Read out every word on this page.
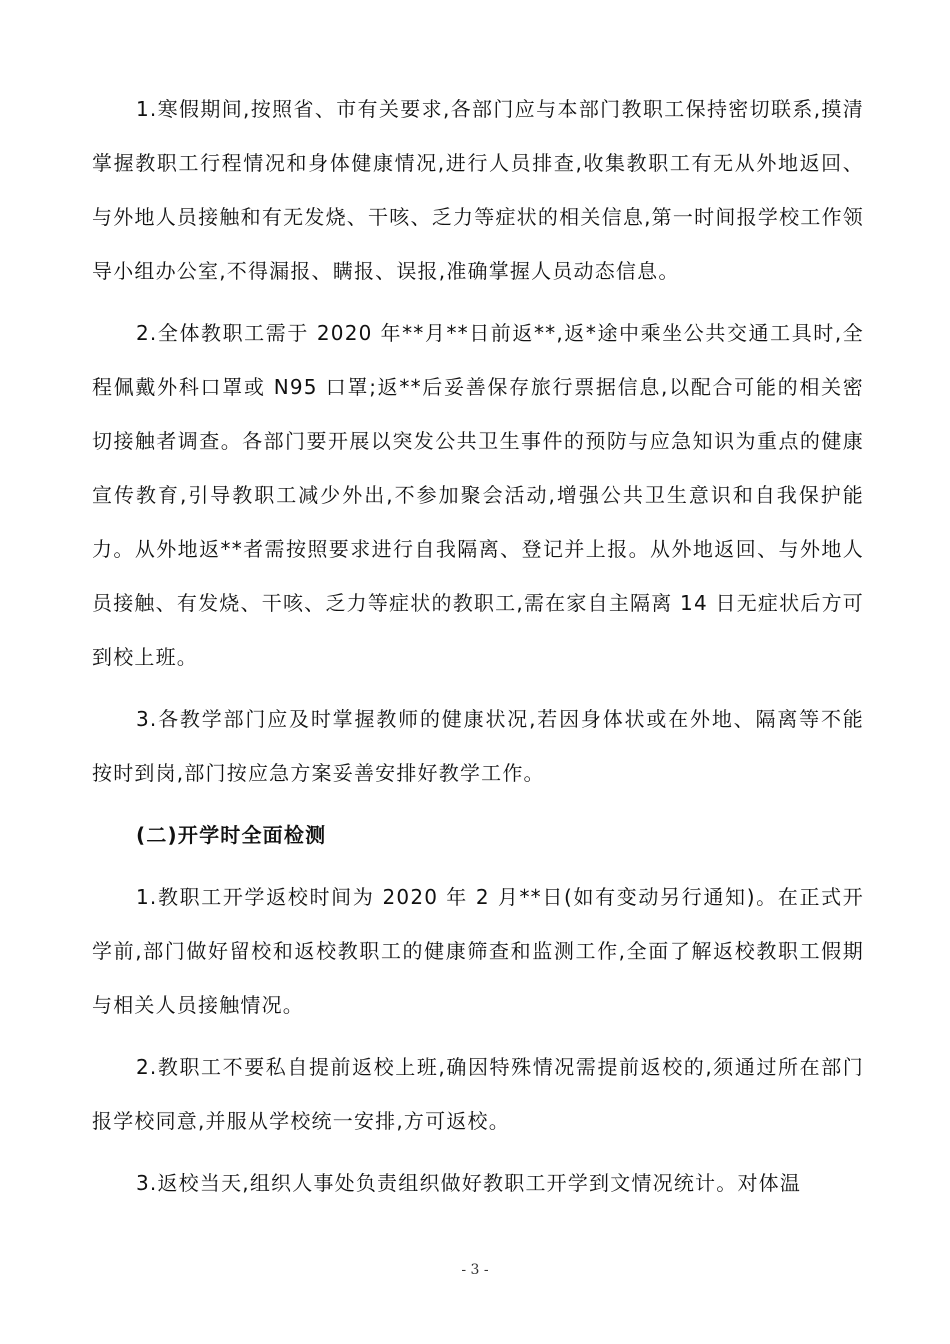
1.寒假期间,按照省、市有关要求,各部门应与本部门教职工保持密切联系,摸清掌握教职工行程情况和身体健康情况,进行人员排查,收集教职工有无从外地返回、与外地人员接触和有无发烧、干咳、乏力等症状的相关信息,第一时间报学校工作领导小组办公室,不得漏报、瞒报、误报,准确掌握人员动态信息。

2.全体教职工需于 2020 年**月**日前返**,返*途中乘坐公共交通工具时,全程佩戴外科口罩或 N95 口罩;返**后妥善保存旅行票据信息,以配合可能的相关密切接触者调查。各部门要开展以突发公共卫生事件的预防与应急知识为重点的健康宣传教育,引导教职工减少外出,不参加聚会活动,增强公共卫生意识和自我保护能力。从外地返**者需按照要求进行自我隔离、登记并上报。从外地返回、与外地人员接触、有发烧、干咳、乏力等症状的教职工,需在家自主隔离 14 日无症状后方可到校上班。

3.各教学部门应及时掌握教师的健康状况,若因身体状或在外地、隔离等不能按时到岗,部门按应急方案妥善安排好教学工作。

(二)开学时全面检测

1.教职工开学返校时间为 2020 年 2 月**日(如有变动另行通知)。在正式开学前,部门做好留校和返校教职工的健康筛查和监测工作,全面了解返校教职工假期与相关人员接触情况。

2.教职工不要私自提前返校上班,确因特殊情况需提前返校的,须通过所在部门报学校同意,并服从学校统一安排,方可返校。

3.返校当天,组织人事处负责组织做好教职工开学到文情况统计。对体温

- 3 -
